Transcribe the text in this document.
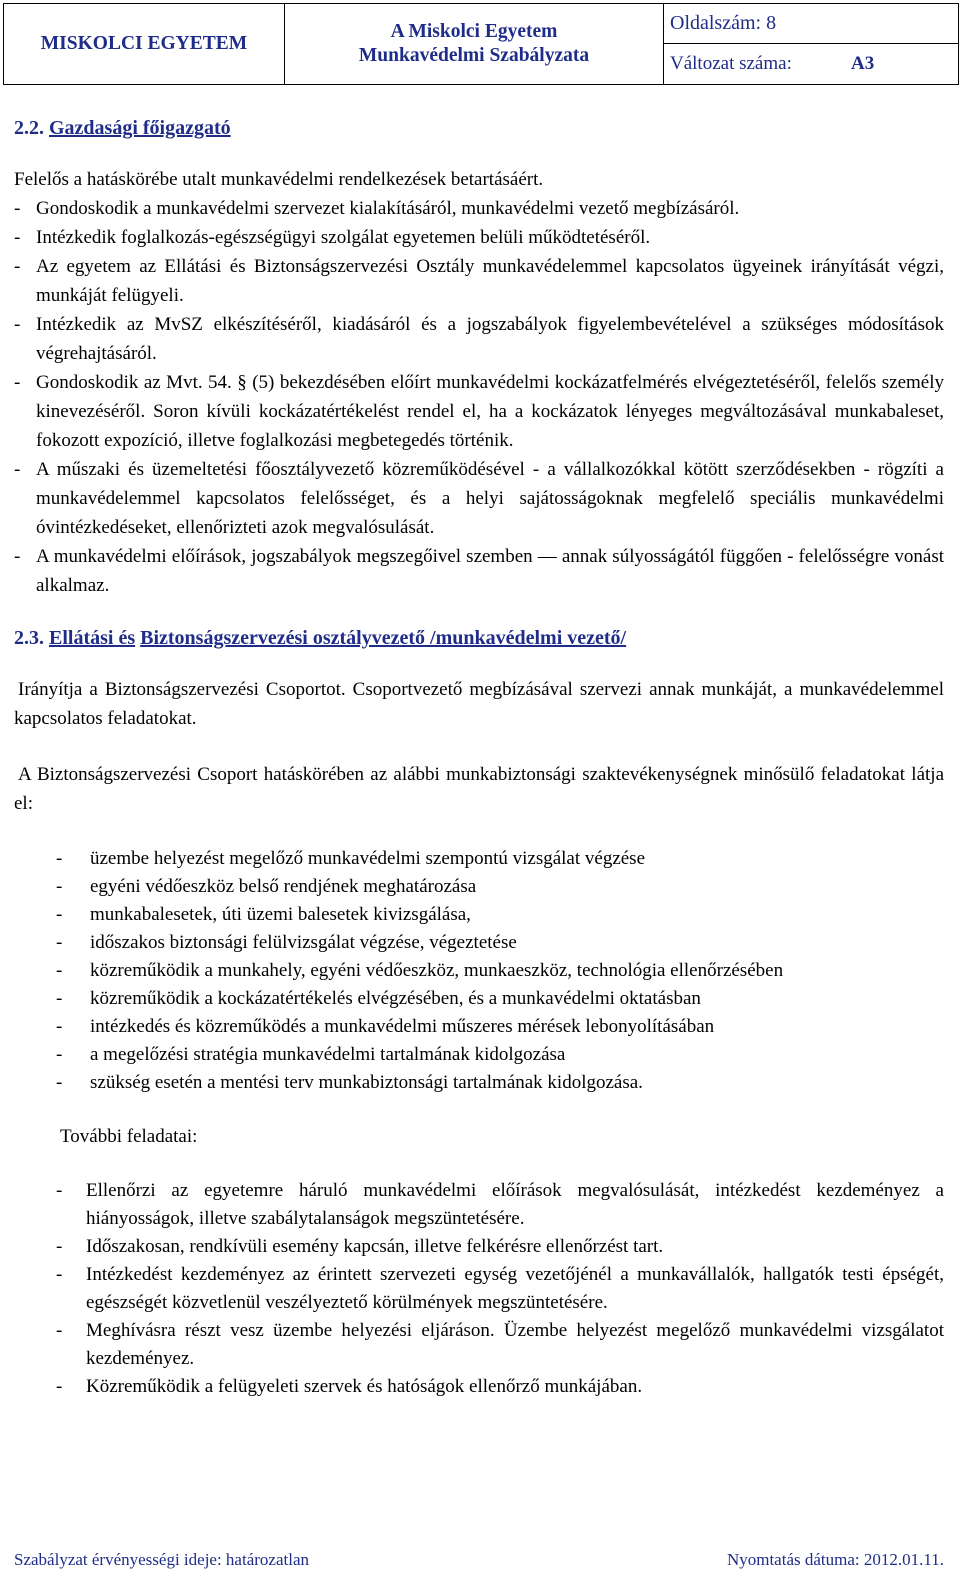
MISKOLCI EGYETEM	
A Miskolci Egyetem
Munkavédelmi Szabályzata

Oldalszám: 8
Változat száma:	A3

2.2. Gazdasági főigazgató

Felelős a hatáskörébe utalt munkavédelmi rendelkezések betartásáért.

- Gondoskodik a munkavédelmi szervezet kialakításáról, munkavédelmi vezető megbízásáról.
- Intézkedik foglalkozás-egészségügyi szolgálat egyetemen belüli működtetéséről.
- Az egyetem az Ellátási és Biztonságszervezési Osztály munkavédelemmel kapcsolatos ügyeinek irányítását végzi, munkáját felügyeli.
- Intézkedik az MvSZ elkészítéséről, kiadásáról és a jogszabályok figyelembevételével a szükséges módosítások végrehajtásáról.
- Gondoskodik az Mvt. 54. § (5) bekezdésében előírt munkavédelmi kockázatfelmérés elvégeztetéséről, felelős személy kinevezéséről. Soron kívüli kockázatértékelést rendel el, ha a kockázatok lényeges megváltozásával munkabaleset, fokozott expozíció, illetve foglalkozási megbetegedés történik.
- A műszaki és üzemeltetési főosztályvezető közreműködésével - a vállalkozókkal kötött szerződésekben - rögzíti a munkavédelemmel kapcsolatos felelősséget, és a helyi sajátosságoknak megfelelő speciális munkavédelmi óvintézkedéseket, ellenőrizteti azok megvalósulását.
- A munkavédelmi előírások, jogszabályok megszegőivel szemben — annak súlyosságától függően - felelősségre vonást alkalmaz.

2.3. Ellátási és Biztonságszervezési osztályvezető /munkavédelmi vezető/

Irányítja a Biztonságszervezési Csoportot. Csoportvezető megbízásával szervezi annak munkáját, a munkavédelemmel kapcsolatos feladatokat.

A Biztonságszervezési Csoport hatáskörében az alábbi munkabiztonsági szaktevékenységnek minősülő feladatokat látja el:

-	üzembe helyezést megelőző munkavédelmi szempontú vizsgálat végzése
-	egyéni védőeszköz belső rendjének meghatározása
-	munkabalesetek, úti üzemi balesetek kivizsgálása,
-	időszakos biztonsági felülvizsgálat végzése, végeztetése
-	közreműködik a munkahely, egyéni védőeszköz, munkaeszköz, technológia ellenőrzésében
-	közreműködik a kockázatértékelés elvégzésében, és a munkavédelmi oktatásban
-	intézkedés és közreműködés a munkavédelmi műszeres mérések lebonyolításában
-	a megelőzési stratégia munkavédelmi tartalmának kidolgozása
-	szükség esetén a mentési terv munkabiztonsági tartalmának kidolgozása.

További feladatai:

-	Ellenőrzi az egyetemre háruló munkavédelmi előírások megvalósulását, intézkedést kezdeményez a hiányosságok, illetve szabálytalanságok megszüntetésére.
-	Időszakosan, rendkívüli esemény kapcsán, illetve felkérésre ellenőrzést tart.
-	Intézkedést kezdeményez az érintett szervezeti egység vezetőjénél a munkavállalók, hallgatók testi épségét, egészségét közvetlenül veszélyeztető körülmények megszüntetésére.
-	Meghívásra részt vesz üzembe helyezési eljáráson. Üzembe helyezést megelőző munkavédelmi vizsgálatot kezdeményez.
-	Közreműködik a felügyeleti szervek és hatóságok ellenőrző munkájában.
Szabályzat érvényességi ideje: határozatlan	Nyomtatás dátuma: 2012.01.11.
